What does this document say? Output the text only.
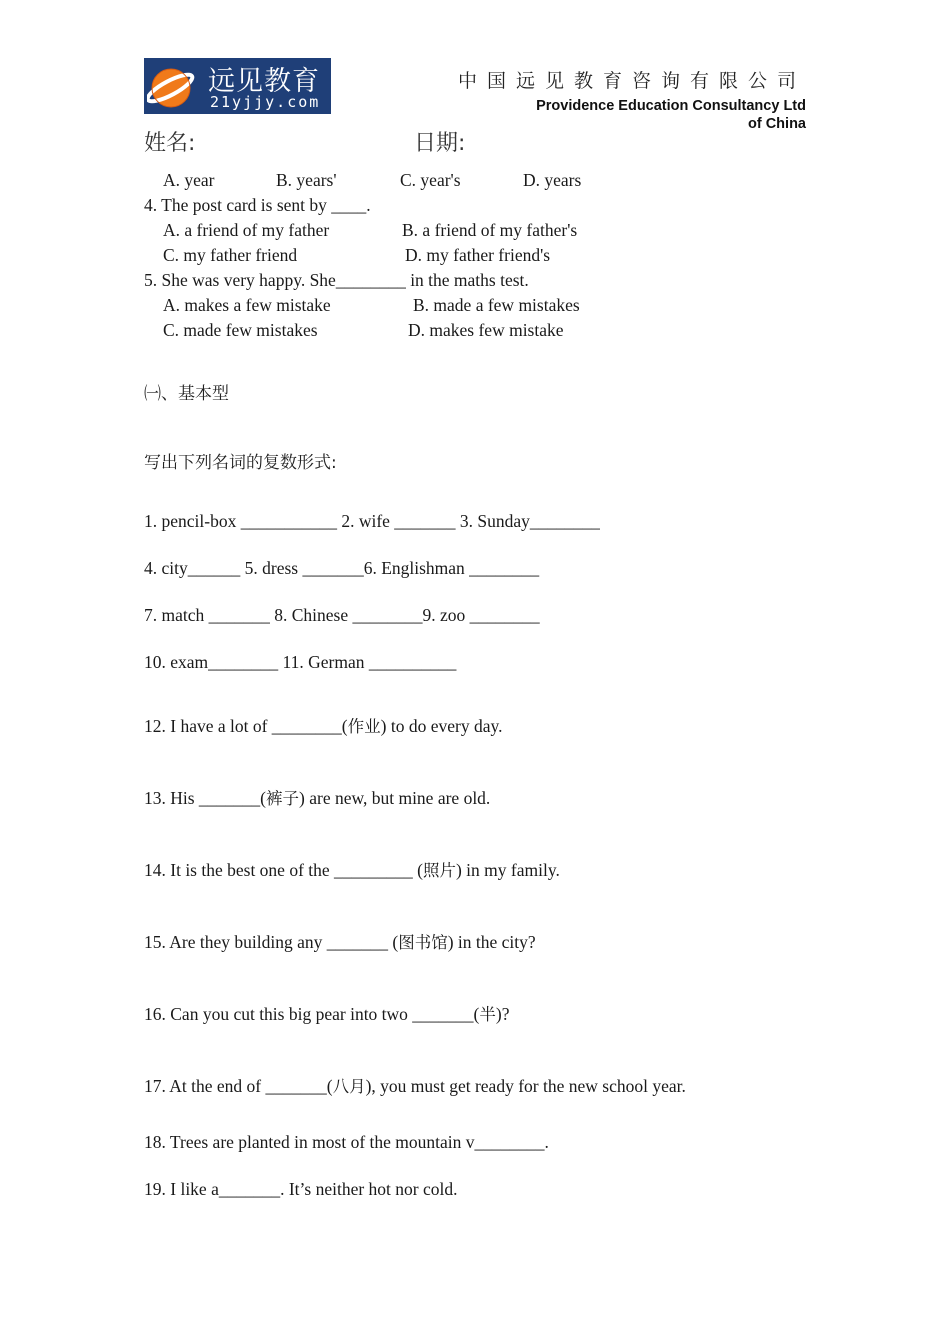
远见教育
21yjjy.com
中国远见教育咨询有限公司
Providence Education Consultancy Ltd
of China
姓名:	日期:
A. year	B. years'	C. year's	D. years
4. The post card is sent by ____.
A. a friend of my father	B. a friend of my father's
C. my father friend	D. my father friend's
5. She was very happy. She________ in the maths test.
A. makes a few mistake	B. made a few mistakes
C. made few mistakes	D. makes few mistake
㈠、基本型
写出下列名词的复数形式:
1. pencil-box ___________ 2. wife _______ 3. Sunday________
4. city______ 5. dress _______6. Englishman ________
7. match _______ 8. Chinese ________9. zoo ________
10. exam________ 11. German __________
12. I have a lot of ________(作业) to do every day.
13. His _______(裤子) are new, but mine are old.
14. It is the best one of the _________ (照片) in my family.
15. Are they building any _______ (图书馆) in the city?
16. Can you cut this big pear into two _______(半)?
17. At the end of _______(八月), you must get ready for the new school year.
18. Trees are planted in most of the mountain v________.
19. I like a_______. It’s neither hot nor cold.
